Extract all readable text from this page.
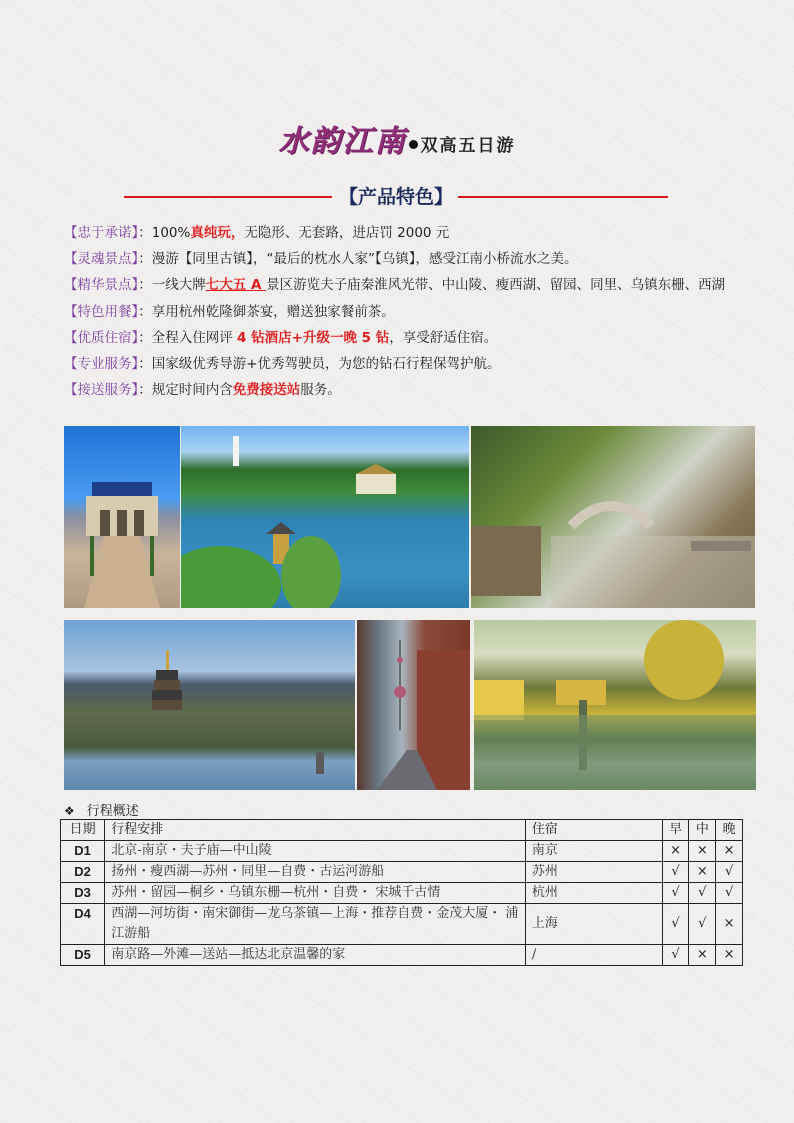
水韵江南 双高五日游
【产品特色】
【忠于承诺】：100%真纯玩，无隐形、无套路，进店罚 2000 元
【灵魂景点】：漫游【同里古镇】，“最后的枕水人家”【乌镇】，感受江南小桥流水之美。
【精华景点】：一线大牌七大五 A 景区游览夫子庙秦淮风光带、中山陵、瘦西湖、留园、同里、乌镇东栅、西湖
【特色用餐】：享用杭州乾隆御茶宴，赠送独家餐前茶。
【优质住宿】：全程入住网评 4 钻酒店+升级一晚 5 钻，享受舒适住宿。
【专业服务】：国家级优秀导游+优秀驾驶员，为您的钻石行程保驾护航。
【接送服务】：规定时间内含免费接送站服务。
❖ 行程概述
日期	行程安排	住宿	早	中	晚
D1	北京-南京・夫子庙—中山陵	南京	×	×	×
D2	扬州・瘦西湖—苏州・同里—自费・古运河游船	苏州	√	×	√
D3	苏州・留园—桐乡・乌镇东栅—杭州・自费・ 宋城千古情	杭州	√	√	√
D4	西湖—河坊街・南宋御街—龙乌茶镇—上海・推荐自费・金茂大厦・ 浦江游船	上海	√	√	×
D5	南京路—外滩—送站—抵达北京温馨的家	/	√	×	×
